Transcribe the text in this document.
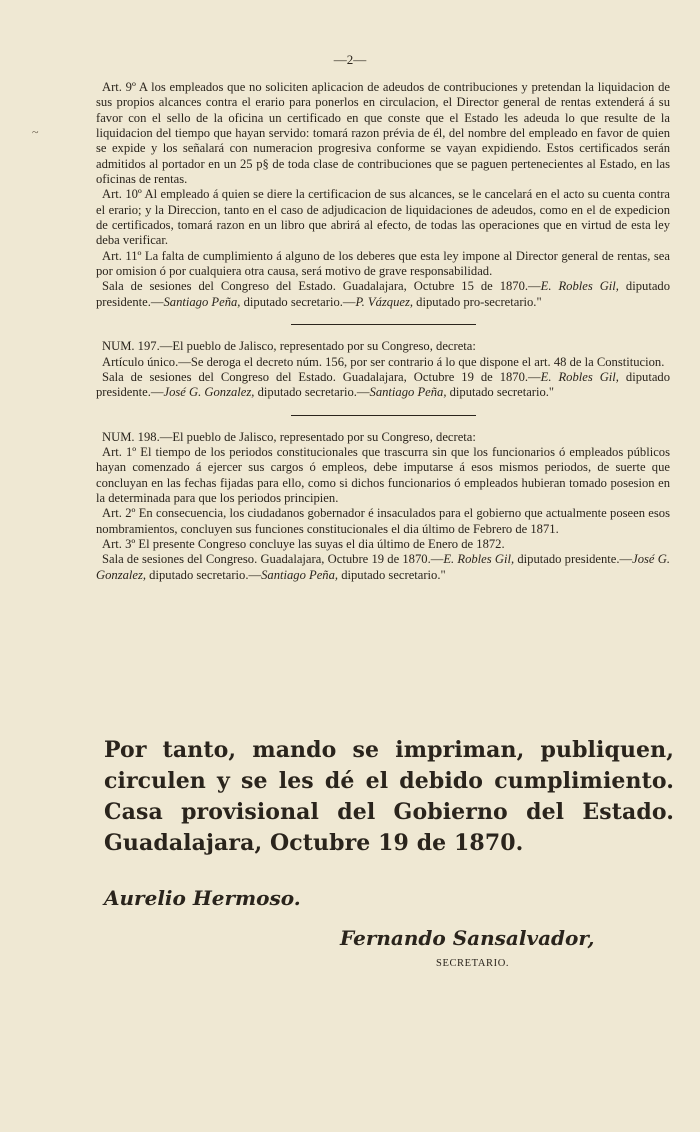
~
—2—

Art. 9º A los empleados que no soliciten aplicacion de adeudos de contribuciones y pretendan la liquidacion de sus propios alcances contra el erario para ponerlos en circulacion, el Director general de rentas extenderá á su favor con el sello de la oficina un certificado en que conste que el Estado les adeuda lo que resulte de la liquidacion del tiempo que hayan servido: tomará razon prévia de él, del nombre del empleado en favor de quien se expide y los señalará con numeracion progresiva conforme se vayan expidiendo. Estos certificados serán admitidos al portador en un 25 p§ de toda clase de contribuciones que se paguen pertenecientes al Estado, en las oficinas de rentas.

Art. 10º Al empleado á quien se diere la certificacion de sus alcances, se le cancelará en el acto su cuenta contra el erario; y la Direccion, tanto en el caso de adjudicacion de liquidaciones de adeudos, como en el de expedicion de certificados, tomará razon en un libro que abrirá al efecto, de todas las operaciones que en virtud de esta ley deba verificar.

Art. 11º La falta de cumplimiento á alguno de los deberes que esta ley impone al Director general de rentas, sea por omision ó por cualquiera otra causa, será motivo de grave responsabilidad.

Sala de sesiones del Congreso del Estado. Guadalajara, Octubre 15 de 1870.—E. Robles Gil, diputado presidente.—Santiago Peña, diputado secretario.—P. Vázquez, diputado pro-secretario."

NUM. 197.—El pueblo de Jalisco, representado por su Congreso, decreta:

Artículo único.—Se deroga el decreto núm. 156, por ser contrario á lo que dispone el art. 48 de la Constitucion.

Sala de sesiones del Congreso del Estado. Guadalajara, Octubre 19 de 1870.—E. Robles Gil, diputado presidente.—José G. Gonzalez, diputado secretario.—Santiago Peña, diputado secretario."

NUM. 198.—El pueblo de Jalisco, representado por su Congreso, decreta:

Art. 1º El tiempo de los periodos constitucionales que trascurra sin que los funcionarios ó empleados públicos hayan comenzado á ejercer sus cargos ó empleos, debe imputarse á esos mismos periodos, de suerte que concluyan en las fechas fijadas para ello, como si dichos funcionarios ó empleados hubieran tomado posesion en la determinada para que los periodos principien.

Art. 2º En consecuencia, los ciudadanos gobernador é insaculados para el gobierno que actualmente poseen esos nombramientos, concluyen sus funciones constitucionales el dia último de Febrero de 1871.

Art. 3º El presente Congreso concluye las suyas el dia último de Enero de 1872.

Sala de sesiones del Congreso. Guadalajara, Octubre 19 de 1870.—E. Robles Gil, diputado presidente.—José G. Gonzalez, diputado secretario.—Santiago Peña, diputado secretario."

Por tanto, mando se impriman, publiquen, circulen y se les dé el debido cumplimiento. Casa provisional del Gobierno del Estado. Guadalajara, Octubre 19 de 1870.
Aurelio Hermoso.
Fernando Sansalvador,
SECRETARIO.
